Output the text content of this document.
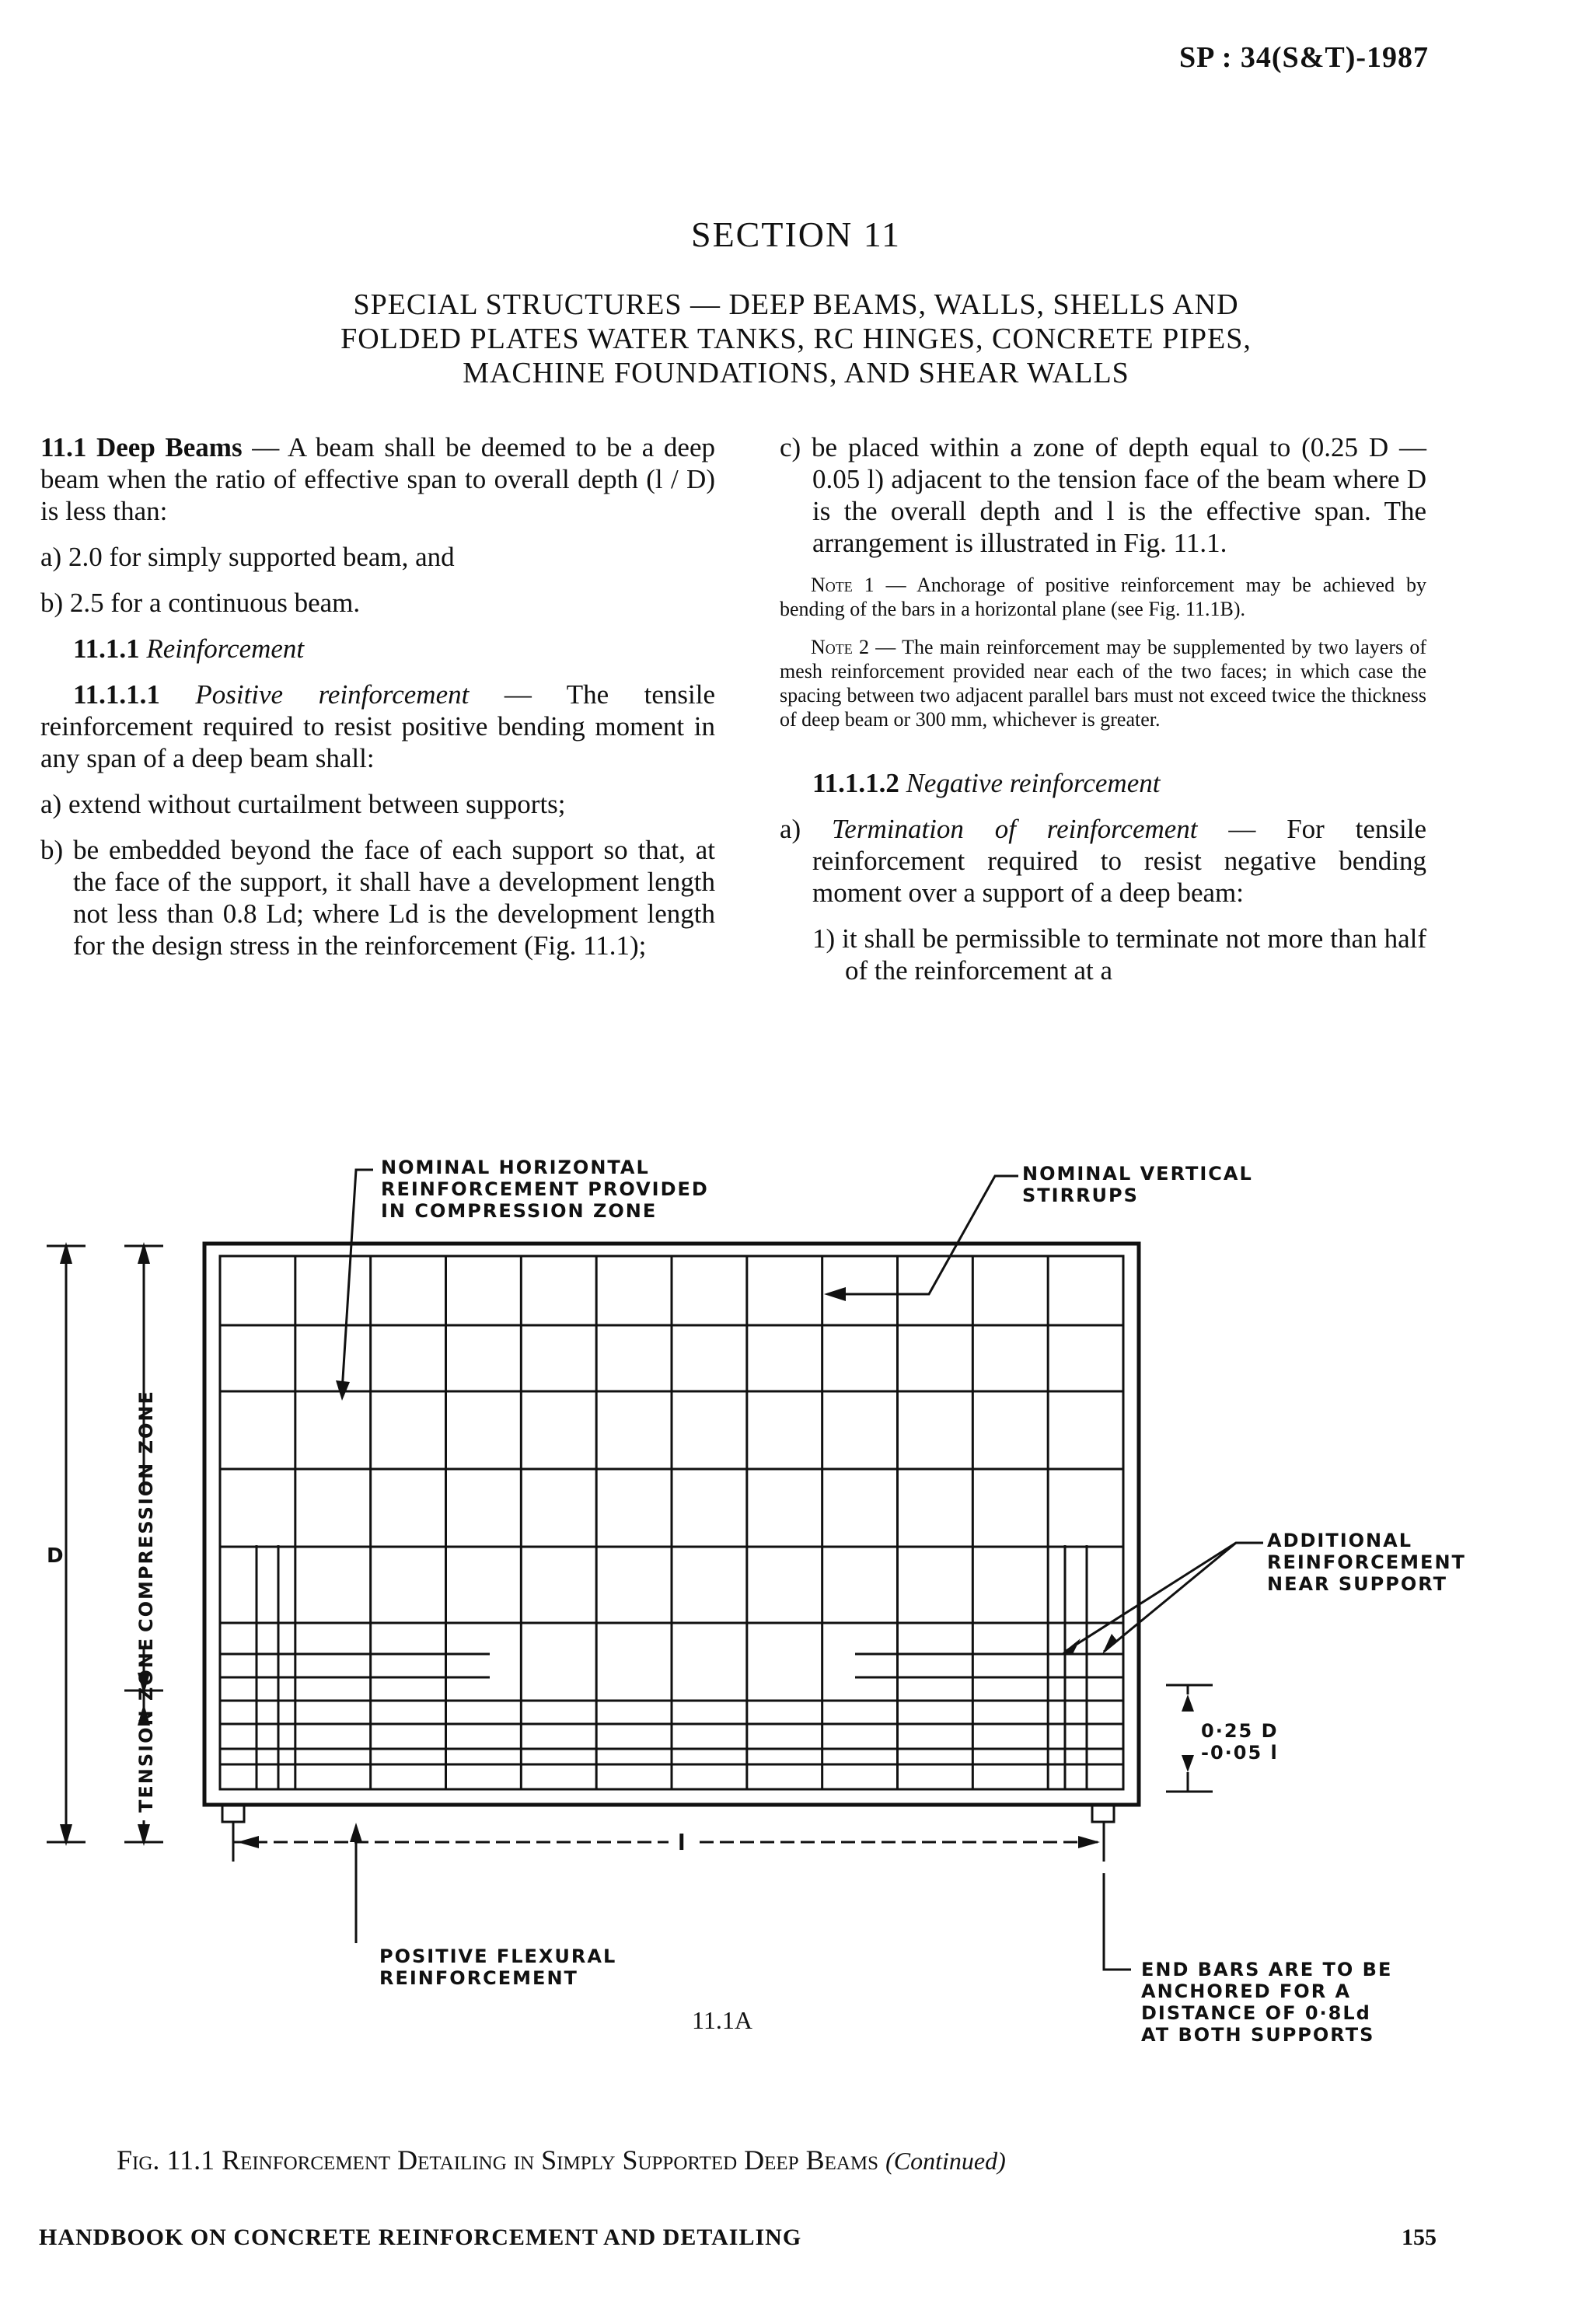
SP : 34(S&T)-1987
SECTION 11
SPECIAL STRUCTURES — DEEP BEAMS, WALLS, SHELLS AND
FOLDED PLATES WATER TANKS, RC HINGES, CONCRETE PIPES,
MACHINE FOUNDATIONS, AND SHEAR WALLS

11.1 Deep Beams — A beam shall be deemed to be a deep beam when the ratio of effective span to overall depth (l / D) is less than:

a) 2.0 for simply supported beam, and

b) 2.5 for a continuous beam.

11.1.1 Reinforcement

11.1.1.1 Positive reinforcement — The tensile reinforcement required to resist positive bending moment in any span of a deep beam shall:

a) extend without curtailment between supports;

b) be embedded beyond the face of each support so that, at the face of the support, it shall have a development length not less than 0.8 Ld; where Ld is the development length for the design stress in the reinforcement (Fig. 11.1);

c) be placed within a zone of depth equal to (0.25 D — 0.05 l) adjacent to the tension face of the beam where D is the overall depth and l is the effective span. The arrangement is illustrated in Fig. 11.1.

Note 1 — Anchorage of positive reinforcement may be achieved by bending of the bars in a horizontal plane (see Fig. 11.1B).

Note 2 — The main reinforcement may be supplemented by two layers of mesh reinforcement provided near each of the two faces; in which case the spacing between two adjacent parallel bars must not exceed twice the thickness of deep beam or 300 mm, whichever is greater.

11.1.1.2 Negative reinforcement

a) Termination of reinforcement — For tensile reinforcement required to resist negative bending moment over a support of a deep beam:

1) it shall be permissible to terminate not more than half of the reinforcement at a

NOMINAL HORIZONTAL
REINFORCEMENT PROVIDED
IN COMPRESSION ZONE
NOMINAL VERTICAL
STIRRUPS
ADDITIONAL
REINFORCEMENT
NEAR SUPPORT
D
0·25 D
-0·05 l
l
POSITIVE FLEXURAL
REINFORCEMENT	END BARS ARE TO BE
ANCHORED FOR A
DISTANCE OF 0·8Ld
AT BOTH SUPPORTS
COMPRESSION ZONE
TENSION ZONE
11.1A
Fig. 11.1 Reinforcement Detailing in Simply Supported Deep Beams (Continued)
HANDBOOK ON CONCRETE REINFORCEMENT AND DETAILING	155
